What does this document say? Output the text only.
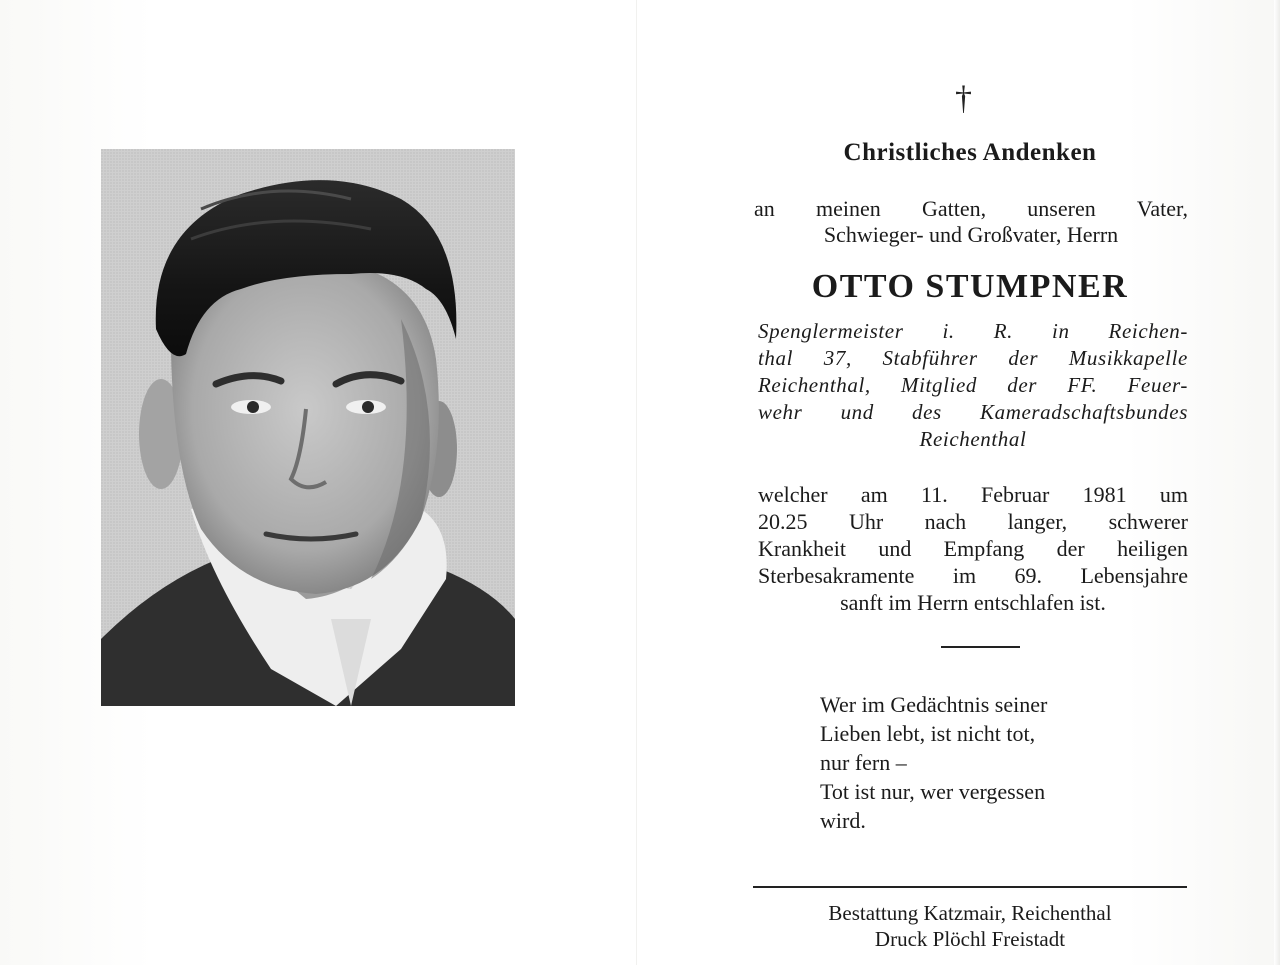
†
Christliches Andenken
an meinen Gatten, unseren Vater,
Schwieger- und Großvater, Herrn
OTTO STUMPNER
Spenglermeister i. R. in Reichen-
thal 37, Stabführer der Musikkapelle
Reichenthal, Mitglied der FF. Feuer-
wehr und des Kameradschaftsbundes
Reichenthal
welcher am 11. Februar 1981 um
20.25 Uhr nach langer, schwerer
Krankheit und Empfang der heiligen
Sterbesakramente im 69. Lebensjahre
sanft im Herrn entschlafen ist.
Wer im Gedächtnis seiner
Lieben lebt, ist nicht tot,
nur fern –
Tot ist nur, wer vergessen
wird.
Bestattung Katzmair, Reichenthal
Druck Plöchl Freistadt
